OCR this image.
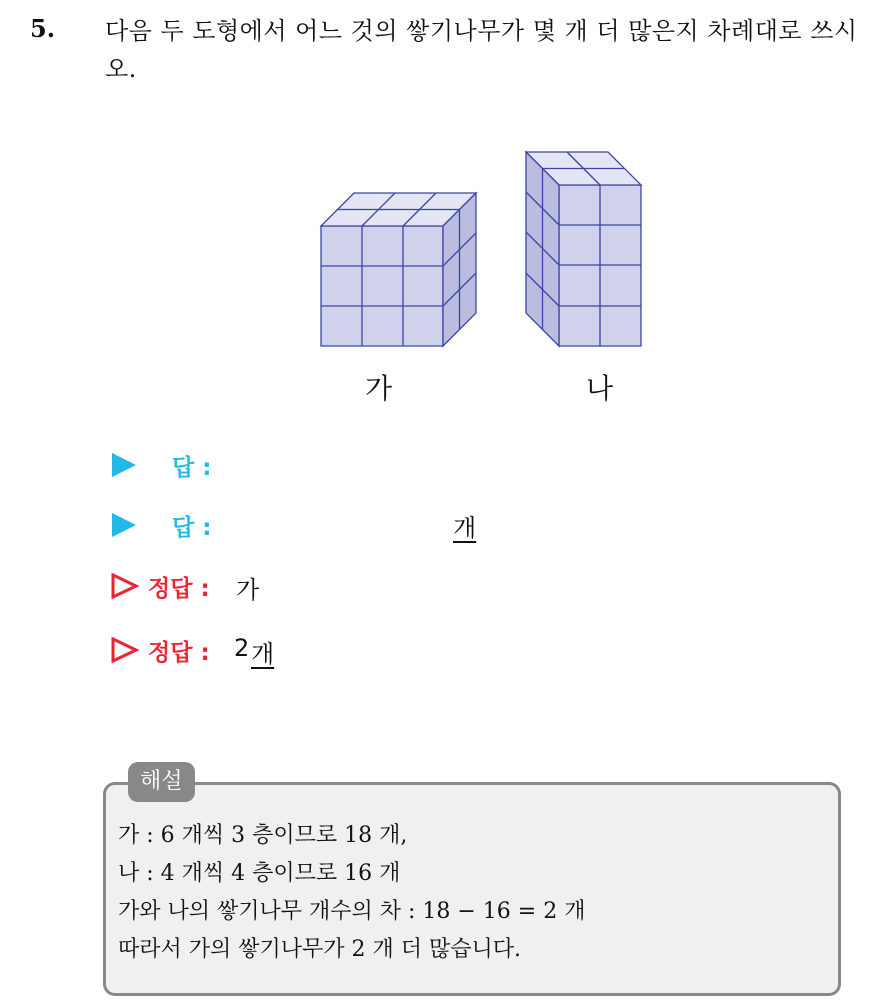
5. 다음 두 도형에서 어느 것의 쌓기나무가 몇 개 더 많은지 차례대로 쓰시오.
가	나
답 :
답 :	개
정답 : 가
정답 : 2 개
해설
가 : 6 개씩 3 층이므로 18 개,
나 : 4 개씩 4 층이므로 16 개
가와 나의 쌓기나무 개수의 차 : 18 − 16 = 2 개
따라서 가의 쌓기나무가 2 개 더 많습니다.
